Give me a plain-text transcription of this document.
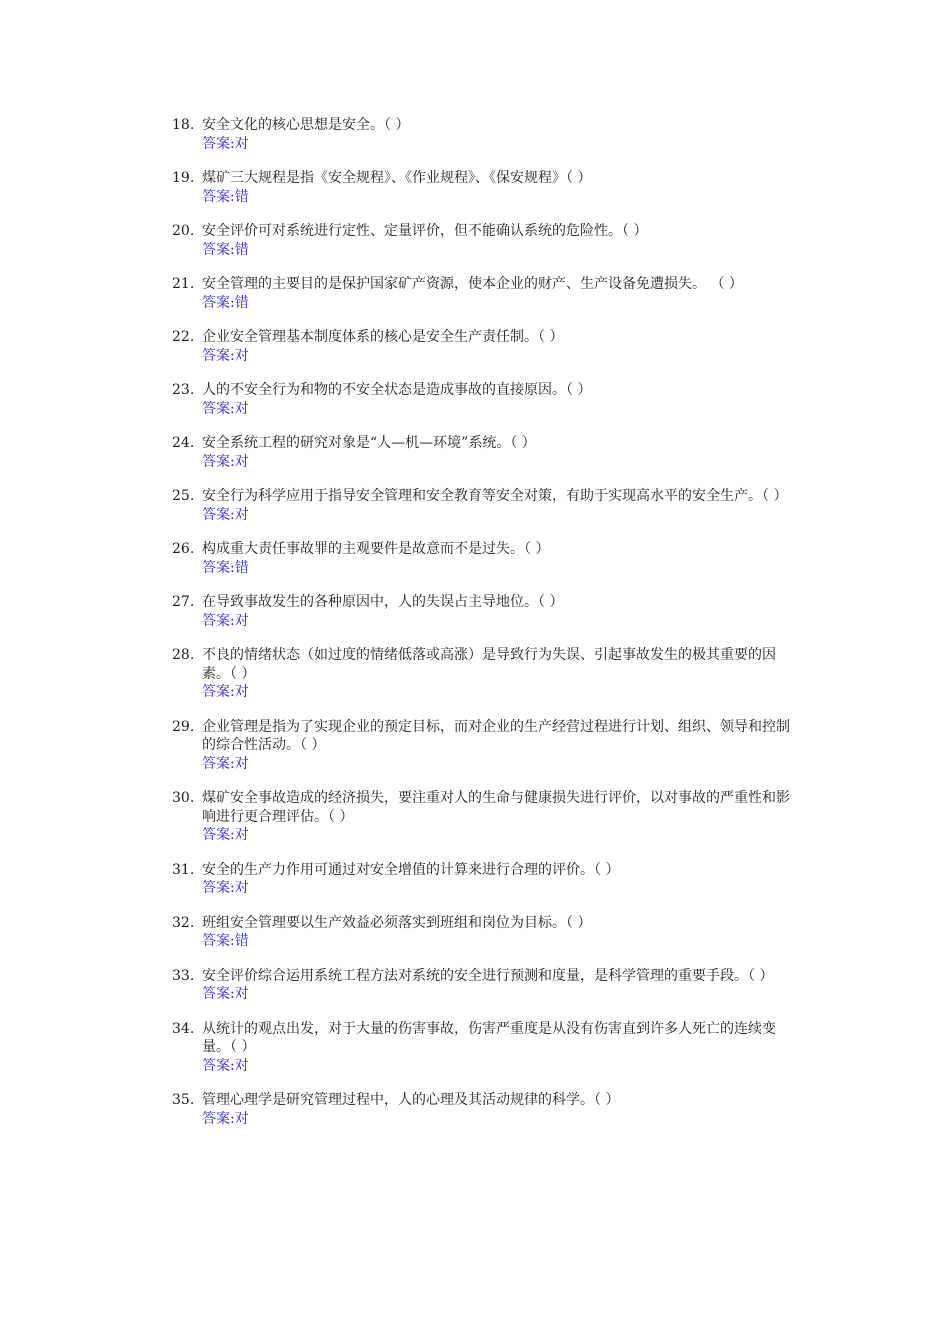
18. 安全文化的核心思想是安全。（ ）
答案:对
19. 煤矿三大规程是指《安全规程》、《作业规程》、《保安规程》（ ）
答案:错
20. 安全评价可对系统进行定性、定量评价，但不能确认系统的危险性。（ ）
答案:错
21. 安全管理的主要目的是保护国家矿产资源，使本企业的财产、生产设备免遭损失。 （ ）
答案:错
22. 企业安全管理基本制度体系的核心是安全生产责任制。（ ）
答案:对
23. 人的不安全行为和物的不安全状态是造成事故的直接原因。（ ）
答案:对
24. 安全系统工程的研究对象是“人—机—环境”系统。（ ）
答案:对
25. 安全行为科学应用于指导安全管理和安全教育等安全对策，有助于实现高水平的安全生产。（ ）
答案:对
26. 构成重大责任事故罪的主观要件是故意而不是过失。（ ）
答案:错
27. 在导致事故发生的各种原因中，人的失误占主导地位。（ ）
答案:对
28. 不良的情绪状态（如过度的情绪低落或高涨）是导致行为失误、引起事故发生的极其重要的因素。（ ）
答案:对
29. 企业管理是指为了实现企业的预定目标，而对企业的生产经营过程进行计划、组织、领导和控制的综合性活动。（ ）
答案:对
30. 煤矿安全事故造成的经济损失，要注重对人的生命与健康损失进行评价，以对事故的严重性和影响进行更合理评估。（ ）
答案:对
31. 安全的生产力作用可通过对安全增值的计算来进行合理的评价。（ ）
答案:对
32. 班组安全管理要以生产效益必须落实到班组和岗位为目标。（ ）
答案:错
33. 安全评价综合运用系统工程方法对系统的安全进行预测和度量，是科学管理的重要手段。（ ）
答案:对
34. 从统计的观点出发，对于大量的伤害事故，伤害严重度是从没有伤害直到许多人死亡的连续变量。（ ）
答案:对
35. 管理心理学是研究管理过程中，人的心理及其活动规律的科学。（ ）
答案:对
